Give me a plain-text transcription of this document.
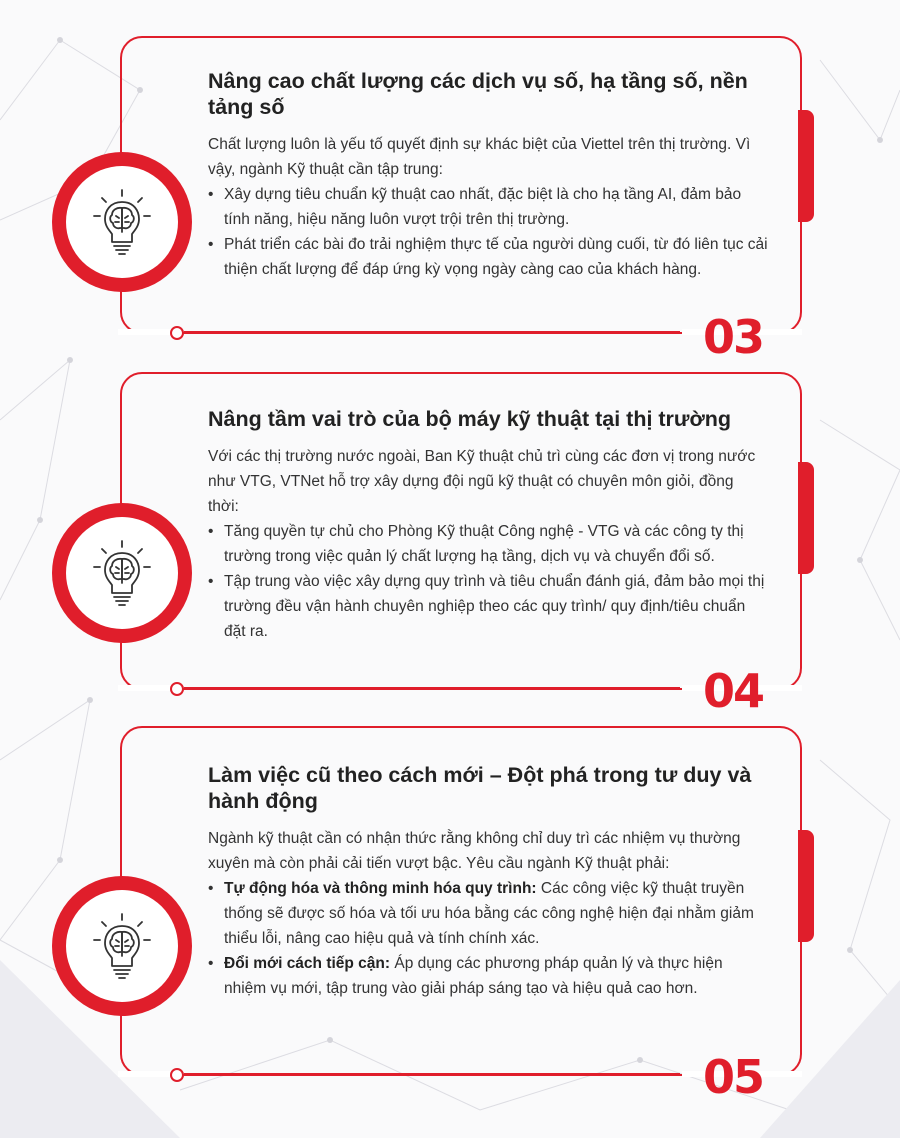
03
Nâng cao chất lượng các dịch vụ số, hạ tầng số, nền tảng số

Chất lượng luôn là yếu tố quyết định sự khác biệt của Viettel trên thị trường. Vì vậy, ngành Kỹ thuật cần tập trung:

• Xây dựng tiêu chuẩn kỹ thuật cao nhất, đặc biệt là cho hạ tầng AI, đảm bảo tính năng, hiệu năng luôn vượt trội trên thị trường.
• Phát triển các bài đo trải nghiệm thực tế của người dùng cuối, từ đó liên tục cải thiện chất lượng để đáp ứng kỳ vọng ngày càng cao của khách hàng.
04
Nâng tầm vai trò của bộ máy kỹ thuật tại thị trường

Với các thị trường nước ngoài, Ban Kỹ thuật chủ trì cùng các đơn vị trong nước như VTG, VTNet hỗ trợ xây dựng đội ngũ kỹ thuật có chuyên môn giỏi, đồng thời:

• Tăng quyền tự chủ cho Phòng Kỹ thuật Công nghệ - VTG và các công ty thị trường trong việc quản lý chất lượng hạ tầng, dịch vụ và chuyển đổi số.
• Tập trung vào việc xây dựng quy trình và tiêu chuẩn đánh giá, đảm bảo mọi thị trường đều vận hành chuyên nghiệp theo các quy trình/ quy định/tiêu chuẩn đặt ra.
05
Làm việc cũ theo cách mới – Đột phá trong tư duy và hành động

Ngành kỹ thuật cần có nhận thức rằng không chỉ duy trì các nhiệm vụ thường xuyên mà còn phải cải tiến vượt bậc. Yêu cầu ngành Kỹ thuật phải:

• Tự động hóa và thông minh hóa quy trình: Các công việc kỹ thuật truyền thống sẽ được số hóa và tối ưu hóa bằng các công nghệ hiện đại nhằm giảm thiểu lỗi, nâng cao hiệu quả và tính chính xác.
• Đổi mới cách tiếp cận: Áp dụng các phương pháp quản lý và thực hiện nhiệm vụ mới, tập trung vào giải pháp sáng tạo và hiệu quả cao hơn.
